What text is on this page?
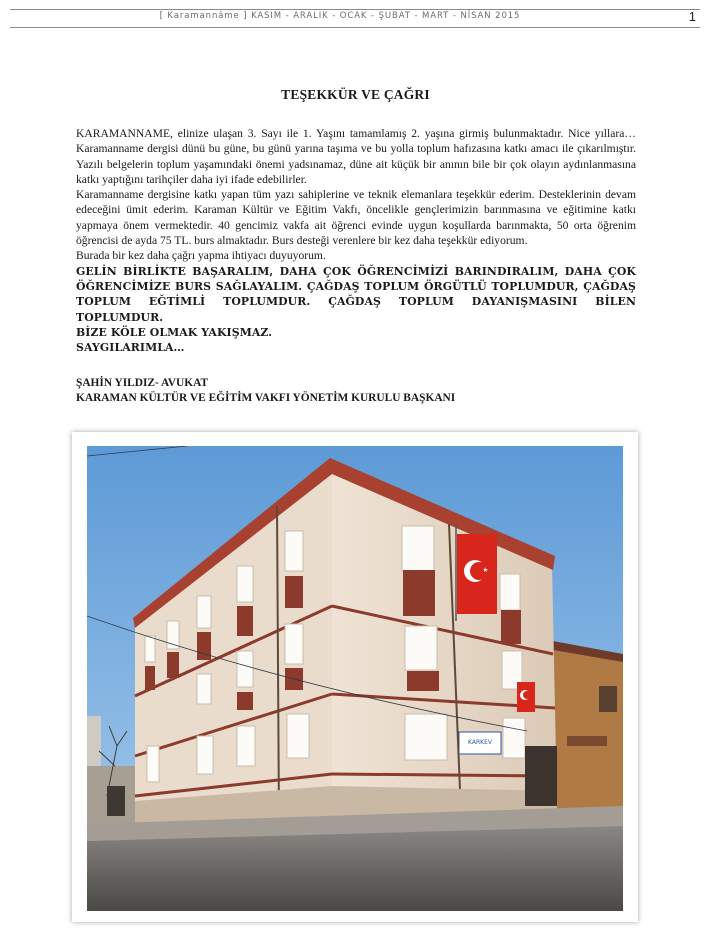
[ Karamannâme ] KASIM - ARALIK - OCAK - ŞUBAT - MART - NİSAN 2015	1
TEŞEKKÜR VE ÇAĞRI

KARAMANNAME, elinize ulaşan 3. Sayı ile 1. Yaşını tamamlamış 2. yaşına girmiş bulunmaktadır. Nice yıllara… Karamanname dergisi dünü bu güne, bu günü yarına taşıma ve bu yolla toplum hafızasına katkı amacı ile çıkarılmıştır. Yazılı belgelerin toplum yaşamındaki önemi yadsınamaz, düne ait küçük bir anının bile bir çok olayın aydınlanmasına katkı yaptığını tarihçiler daha iyi ifade edebilirler.

Karamanname dergisine katkı yapan tüm yazı sahiplerine ve teknik elemanlara teşekkür ederim. Desteklerinin devam edeceğini ümit ederim. Karaman Kültür ve Eğitim Vakfı, öncelikle gençlerimizin barınmasına ve eğitimine katkı yapmaya önem vermektedir. 40 gencimiz vakfa ait öğrenci evinde uygun koşullarda barınmakta, 50 orta öğrenim öğrencisi de ayda 75 TL. burs almaktadır. Burs desteği verenlere bir kez daha teşekkür ediyorum.

Burada bir kez daha çağrı yapma ihtiyacı duyuyorum.

GELİN BİRLİKTE BAŞARALIM, DAHA ÇOK ÖĞRENCİMİZİ BARINDIRALIM, DAHA ÇOK ÖĞRENCİMİZE BURS SAĞLAYALIM. ÇAĞDAŞ TOPLUM ÖRGÜTLÜ TOPLUMDUR, ÇAĞDAŞ TOPLUM EĞTİMLİ TOPLUMDUR. ÇAĞDAŞ TOPLUM DAYANIŞMASINI BİLEN TOPLUMDUR.

BİZE KÖLE OLMAK YAKIŞMAZ.

SAYGILARIMLA…

ŞAHİN YILDIZ- AVUKAT
KARAMAN KÜLTÜR VE EĞİTİM VAKFI YÖNETİM KURULU BAŞKANI
KARKEV
